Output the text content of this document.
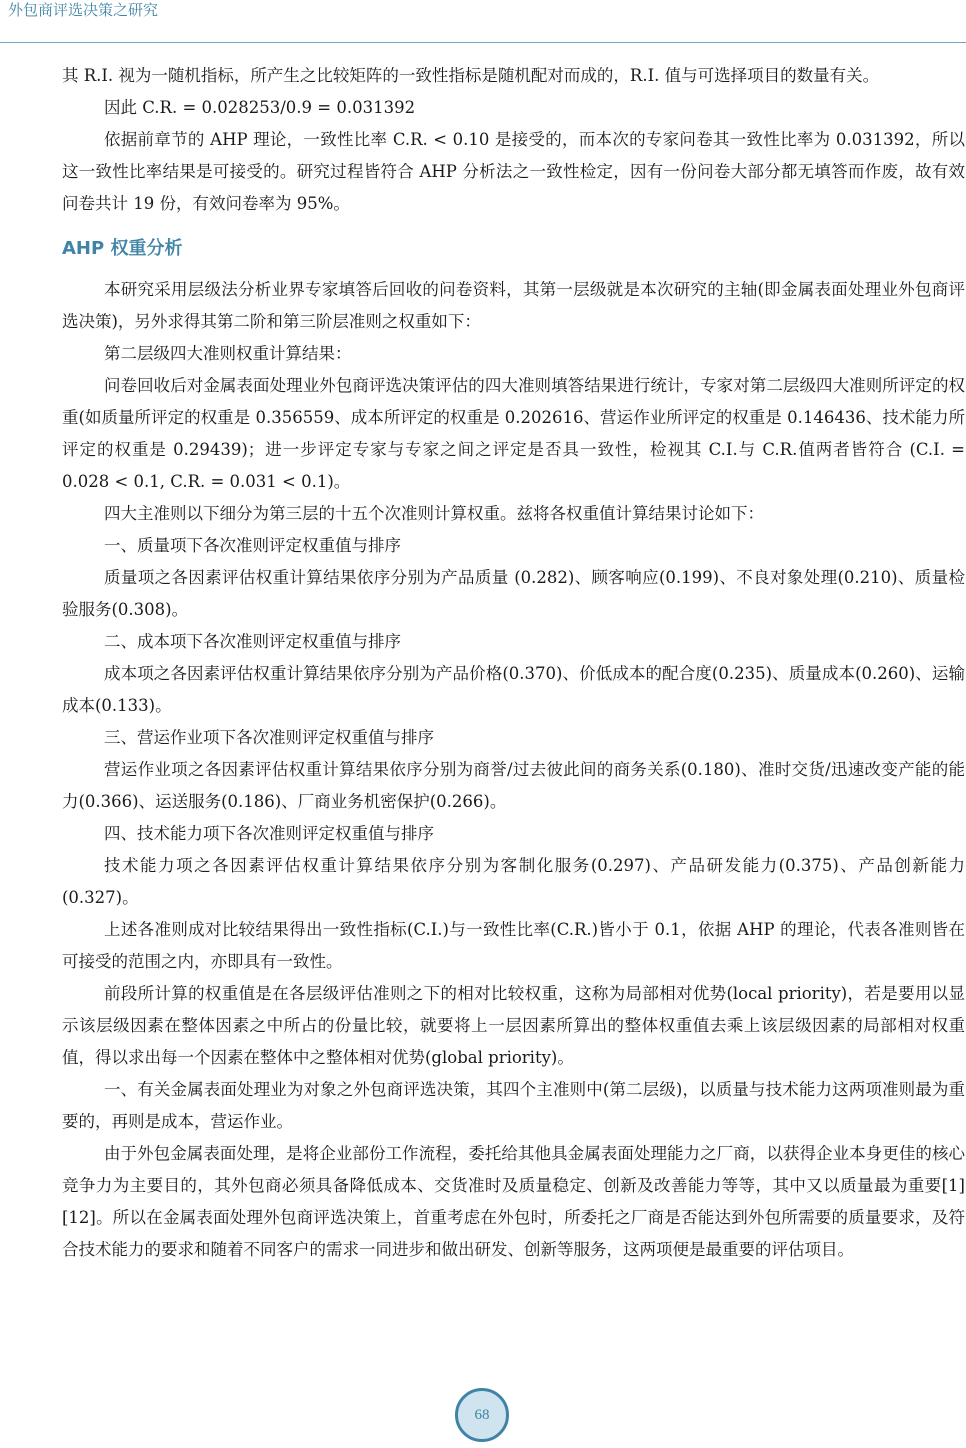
外包商评选决策之研究

其 R.I. 视为一随机指标，所产生之比较矩阵的一致性指标是随机配对而成的，R.I. 值与可选择项目的数量有关。

因此 C.R. = 0.028253/0.9 = 0.031392

依据前章节的 AHP 理论，一致性比率 C.R. < 0.10 是接受的，而本次的专家问卷其一致性比率为 0.031392，所以这一致性比率结果是可接受的。研究过程皆符合 AHP 分析法之一致性检定，因有一份问卷大部分都无填答而作废，故有效问卷共计 19 份，有效问卷率为 95%。

AHP 权重分析

本研究采用层级法分析业界专家填答后回收的问卷资料，其第一层级就是本次研究的主轴(即金属表面处理业外包商评选决策)，另外求得其第二阶和第三阶层准则之权重如下：

第二层级四大准则权重计算结果：

问卷回收后对金属表面处理业外包商评选决策评估的四大准则填答结果进行统计，专家对第二层级四大准则所评定的权重(如质量所评定的权重是 0.356559、成本所评定的权重是 0.202616、营运作业所评定的权重是 0.146436、技术能力所评定的权重是 0.29439)；进一步评定专家与专家之间之评定是否具一致性，检视其 C.I.与 C.R.值两者皆符合 (C.I. = 0.028 < 0.1, C.R. = 0.031 < 0.1)。

四大主准则以下细分为第三层的十五个次准则计算权重。兹将各权重值计算结果讨论如下：

一、质量项下各次准则评定权重值与排序

质量项之各因素评估权重计算结果依序分别为产品质量 (0.282)、顾客响应(0.199)、不良对象处理(0.210)、质量检验服务(0.308)。

二、成本项下各次准则评定权重值与排序

成本项之各因素评估权重计算结果依序分别为产品价格(0.370)、价低成本的配合度(0.235)、质量成本(0.260)、运输成本(0.133)。

三、营运作业项下各次准则评定权重值与排序

营运作业项之各因素评估权重计算结果依序分别为商誉/过去彼此间的商务关系(0.180)、准时交货/迅速改变产能的能力(0.366)、运送服务(0.186)、厂商业务机密保护(0.266)。

四、技术能力项下各次准则评定权重值与排序

技术能力项之各因素评估权重计算结果依序分别为客制化服务(0.297)、产品研发能力(0.375)、产品创新能力(0.327)。

上述各准则成对比较结果得出一致性指标(C.I.)与一致性比率(C.R.)皆小于 0.1，依据 AHP 的理论，代表各准则皆在可接受的范围之内，亦即具有一致性。

前段所计算的权重值是在各层级评估准则之下的相对比较权重，这称为局部相对优势(local priority)，若是要用以显示该层级因素在整体因素之中所占的份量比较，就要将上一层因素所算出的整体权重值去乘上该层级因素的局部相对权重值，得以求出每一个因素在整体中之整体相对优势(global priority)。

一、有关金属表面处理业为对象之外包商评选决策，其四个主准则中(第二层级)，以质量与技术能力这两项准则最为重要的，再则是成本，营运作业。

由于外包金属表面处理，是将企业部份工作流程，委托给其他具金属表面处理能力之厂商，以获得企业本身更佳的核心竞争力为主要目的，其外包商必须具备降低成本、交货准时及质量稳定、创新及改善能力等等，其中又以质量最为重要[1] [12]。所以在金属表面处理外包商评选决策上，首重考虑在外包时，所委托之厂商是否能达到外包所需要的质量要求，及符合技术能力的要求和随着不同客户的需求一同进步和做出研发、创新等服务，这两项便是最重要的评估项目。

68
